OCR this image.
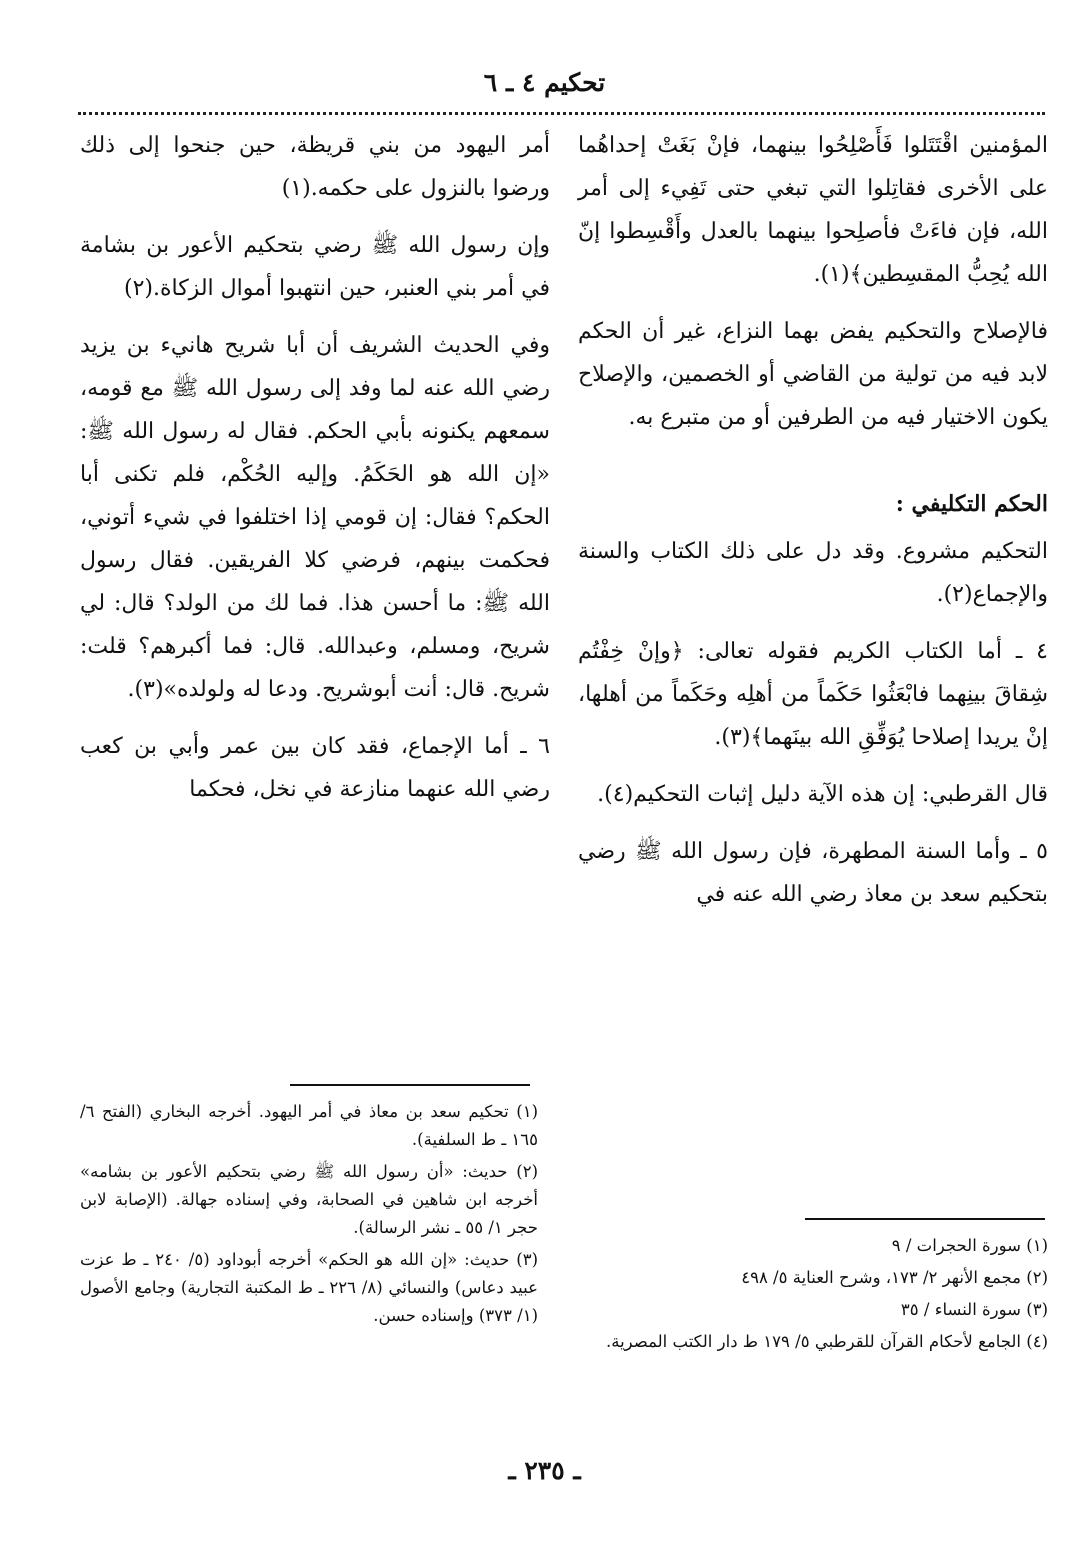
تحكيم ٤ ـ ٦

المؤمنين اقْتَتَلوا فَأَصْلِحُوا بينهما، فإنْ بَغَتْ إحداهُما على الأخرى فقاتِلوا التي تبغي حتى تَفِيء إلى أمر الله، فإن فاءَتْ فأصلِحوا بينهما بالعدل وأَقْسِطوا إنّ الله يُحِبُّ المقسِطين﴾(١).

فالإصلاح والتحكيم يفض بهما النزاع، غير أن الحكم لابد فيه من تولية من القاضي أو الخصمين، والإصلاح يكون الاختيار فيه من الطرفين أو من متبرع به.

الحكم التكليفي :

التحكيم مشروع. وقد دل على ذلك الكتاب والسنة والإجماع(٢).

٤ ـ أما الكتاب الكريم فقوله تعالى: ﴿وإنْ خِفْتُم شِقاقَ بينِهما فابْعَثُوا حَكَماً من أهلِه وحَكَماً من أهلها، إنْ يريدا إصلاحا يُوَفِّقِ الله بينَهما﴾(٣).

قال القرطبي: إن هذه الآية دليل إثبات التحكيم(٤).

٥ ـ وأما السنة المطهرة، فإن رسول الله ﷺ رضي بتحكيم سعد بن معاذ رضي الله عنه في

أمر اليهود من بني قريظة، حين جنحوا إلى ذلك ورضوا بالنزول على حكمه.(١)

وإن رسول الله ﷺ رضي بتحكيم الأعور بن بشامة في أمر بني العنبر، حين انتهبوا أموال الزكاة.(٢)

وفي الحديث الشريف أن أبا شريح هانيء بن يزيد رضي الله عنه لما وفد إلى رسول الله ﷺ مع قومه، سمعهم يكنونه بأبي الحكم. فقال له رسول الله ﷺ: «إن الله هو الحَكَمُ. وإليه الحُكْم، فلم تكنى أبا الحكم؟ فقال: إن قومي إذا اختلفوا في شيء أتوني، فحكمت بينهم، فرضي كلا الفريقين. فقال رسول الله ﷺ: ما أحسن هذا. فما لك من الولد؟ قال: لي شريح، ومسلم، وعبدالله. قال: فما أكبرهم؟ قلت: شريح. قال: أنت أبوشريح. ودعا له ولولده»(٣).

٦ ـ أما الإجماع، فقد كان بين عمر وأبي بن كعب رضي الله عنهما منازعة في نخل، فحكما

(١) تحكيم سعد بن معاذ في أمر اليهود. أخرجه البخاري (الفتح ٦/ ١٦٥ ـ ط السلفية).

(٢) حديث: «أن رسول الله ﷺ رضي بتحكيم الأعور بن بشامه» أخرجه ابن شاهين في الصحابة، وفي إسناده جهالة. (الإصابة لابن حجر ١/ ٥٥ ـ نشر الرسالة).

(٣) حديث: «إن الله هو الحكم» أخرجه أبوداود (٥/ ٢٤٠ ـ ط عزت عبيد دعاس) والنسائي (٨/ ٢٢٦ ـ ط المكتبة التجارية) وجامع الأصول (١/ ٣٧٣) وإسناده حسن.

(١) سورة الحجرات / ٩

(٢) مجمع الأنهر ٢/ ١٧٣، وشرح العناية ٥/ ٤٩٨

(٣) سورة النساء / ٣٥

(٤) الجامع لأحكام القرآن للقرطبي ٥/ ١٧٩ ط دار الكتب المصرية.

ـ ٢٣٥ ـ
